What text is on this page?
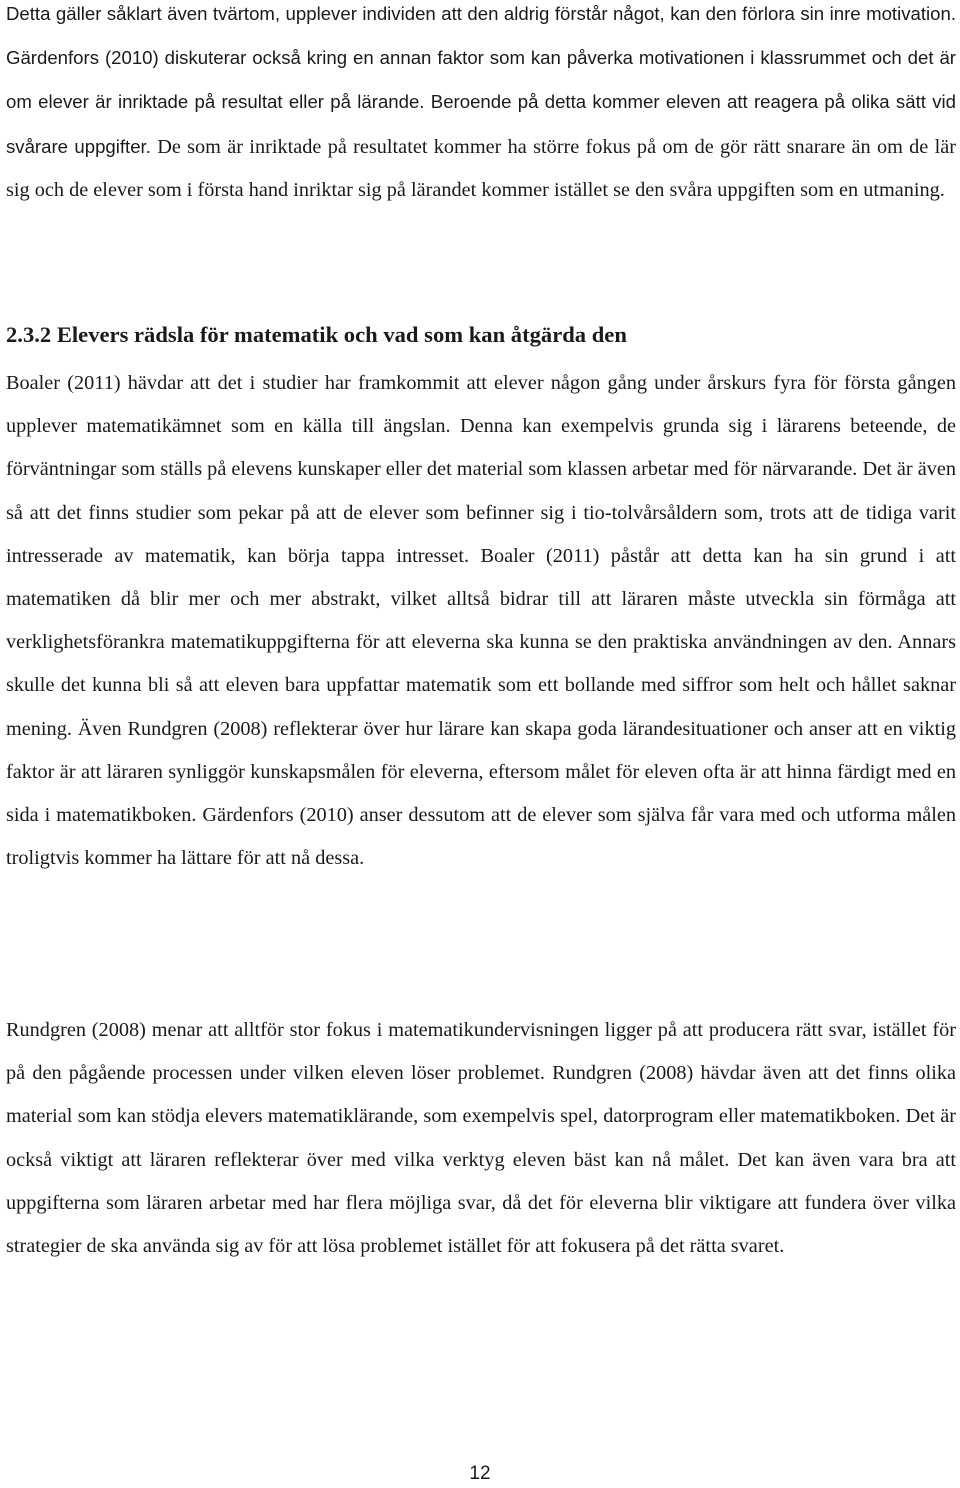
Detta gäller såklart även tvärtom, upplever individen att den aldrig förstår något, kan den förlora sin inre motivation. Gärdenfors (2010) diskuterar också kring en annan faktor som kan påverka motivationen i klassrummet och det är om elever är inriktade på resultat eller på lärande. Beroende på detta kommer eleven att reagera på olika sätt vid svårare uppgifter. De som är inriktade på resultatet kommer ha större fokus på om de gör rätt snarare än om de lär sig och de elever som i första hand inriktar sig på lärandet kommer istället se den svåra uppgiften som en utmaning.

2.3.2 Elevers rädsla för matematik och vad som kan åtgärda den

Boaler (2011) hävdar att det i studier har framkommit att elever någon gång under årskurs fyra för första gången upplever matematikämnet som en källa till ängslan. Denna kan exempelvis grunda sig i lärarens beteende, de förväntningar som ställs på elevens kunskaper eller det material som klassen arbetar med för närvarande. Det är även så att det finns studier som pekar på att de elever som befinner sig i tio-tolvårsåldern som, trots att de tidiga varit intresserade av matematik, kan börja tappa intresset. Boaler (2011) påstår att detta kan ha sin grund i att matematiken då blir mer och mer abstrakt, vilket alltså bidrar till att läraren måste utveckla sin förmåga att verklighetsförankra matematikuppgifterna för att eleverna ska kunna se den praktiska användningen av den. Annars skulle det kunna bli så att eleven bara uppfattar matematik som ett bollande med siffror som helt och hållet saknar mening. Även Rundgren (2008) reflekterar över hur lärare kan skapa goda lärandesituationer och anser att en viktig faktor är att läraren synliggör kunskapsmålen för eleverna, eftersom målet för eleven ofta är att hinna färdigt med en sida i matematikboken. Gärdenfors (2010) anser dessutom att de elever som själva får vara med och utforma målen troligtvis kommer ha lättare för att nå dessa.

Rundgren (2008) menar att alltför stor fokus i matematikundervisningen ligger på att producera rätt svar, istället för på den pågående processen under vilken eleven löser problemet. Rundgren (2008) hävdar även att det finns olika material som kan stödja elevers matematiklärande, som exempelvis spel, datorprogram eller matematikboken. Det är också viktigt att läraren reflekterar över med vilka verktyg eleven bäst kan nå målet. Det kan även vara bra att uppgifterna som läraren arbetar med har flera möjliga svar, då det för eleverna blir viktigare att fundera över vilka strategier de ska använda sig av för att lösa problemet istället för att fokusera på det rätta svaret.

12
